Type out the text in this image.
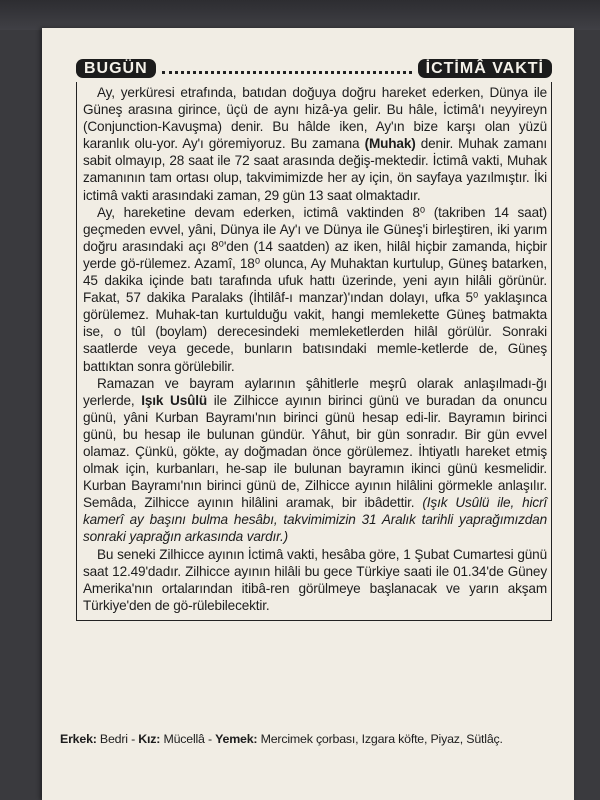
BUGÜN	İCTİMÂ VAKTİ

Ay, yerküresi etrafında, batıdan doğuya doğru hareket ederken, Dünya ile Güneş arasına girince, üçü de aynı hizâ-ya gelir. Bu hâle, İctimâ'ı neyyireyn (Conjunction-Kavuşma) denir. Bu hâlde iken, Ay'ın bize karşı olan yüzü karanlık olu-yor. Ay'ı göremiyoruz. Bu zamana (Muhak) denir. Muhak zamanı sabit olmayıp, 28 saat ile 72 saat arasında değiş-mektedir. İctimâ vakti, Muhak zamanının tam ortası olup, takvimimizde her ay için, ön sayfaya yazılmıştır. İki ictimâ vakti arasındaki zaman, 29 gün 13 saat olmaktadır.

Ay, hareketine devam ederken, ictimâ vaktinden 8⁰ (takriben 14 saat) geçmeden evvel, yâni, Dünya ile Ay'ı ve Dünya ile Güneş'i birleştiren, iki yarım doğru arasındaki açı 8⁰'den (14 saatden) az iken, hilâl hiçbir zamanda, hiçbir yerde gö-rülemez. Azamî, 18⁰ olunca, Ay Muhaktan kurtulup, Güneş batarken, 45 dakika içinde batı tarafında ufuk hattı üzerinde, yeni ayın hilâli görünür. Fakat, 57 dakika Paralaks (İhtilâf-ı manzar)'ından dolayı, ufka 5⁰ yaklaşınca görülemez. Muhak-tan kurtulduğu vakit, hangi memlekette Güneş batmakta ise, o tûl (boylam) derecesindeki memleketlerden hilâl görülür. Sonraki saatlerde veya gecede, bunların batısındaki memle-ketlerde de, Güneş battıktan sonra görülebilir.

Ramazan ve bayram aylarının şâhitlerle meşrû olarak anlaşılmadı-ğı yerlerde, Işık Usûlü ile Zilhicce ayının birinci günü ve buradan da onuncu günü, yâni Kurban Bayramı'nın birinci günü hesap edi-lir. Bayramın birinci günü, bu hesap ile bulunan gündür. Yâhut, bir gün sonradır. Bir gün evvel olamaz. Çünkü, gökte, ay doğmadan önce görülemez. İhtiyatlı hareket etmiş olmak için, kurbanları, he-sap ile bulunan bayramın ikinci günü kesmelidir. Kurban Bayramı'nın birinci günü de, Zilhicce ayının hilâlini görmekle anlaşılır. Semâda, Zilhicce ayının hilâlini aramak, bir ibâdettir. (Işık Usûlü ile, hicrî kamerî ay başını bulma hesâbı, takvimimizin 31 Aralık tarihli yaprağımızdan sonraki yaprağın arkasında vardır.)

Bu seneki Zilhicce ayının İctimâ vakti, hesâba göre, 1 Şubat Cumartesi günü saat 12.49'dadır. Zilhicce ayının hilâli bu gece Türkiye saati ile 01.34'de Güney Amerika'nın ortalarından itibâ-ren görülmeye başlanacak ve yarın akşam Türkiye'den de gö-rülebilecektir.

Erkek: Bedri - Kız: Mücellâ - Yemek: Mercimek çorbası, Izgara köfte, Piyaz, Sütlâç.
